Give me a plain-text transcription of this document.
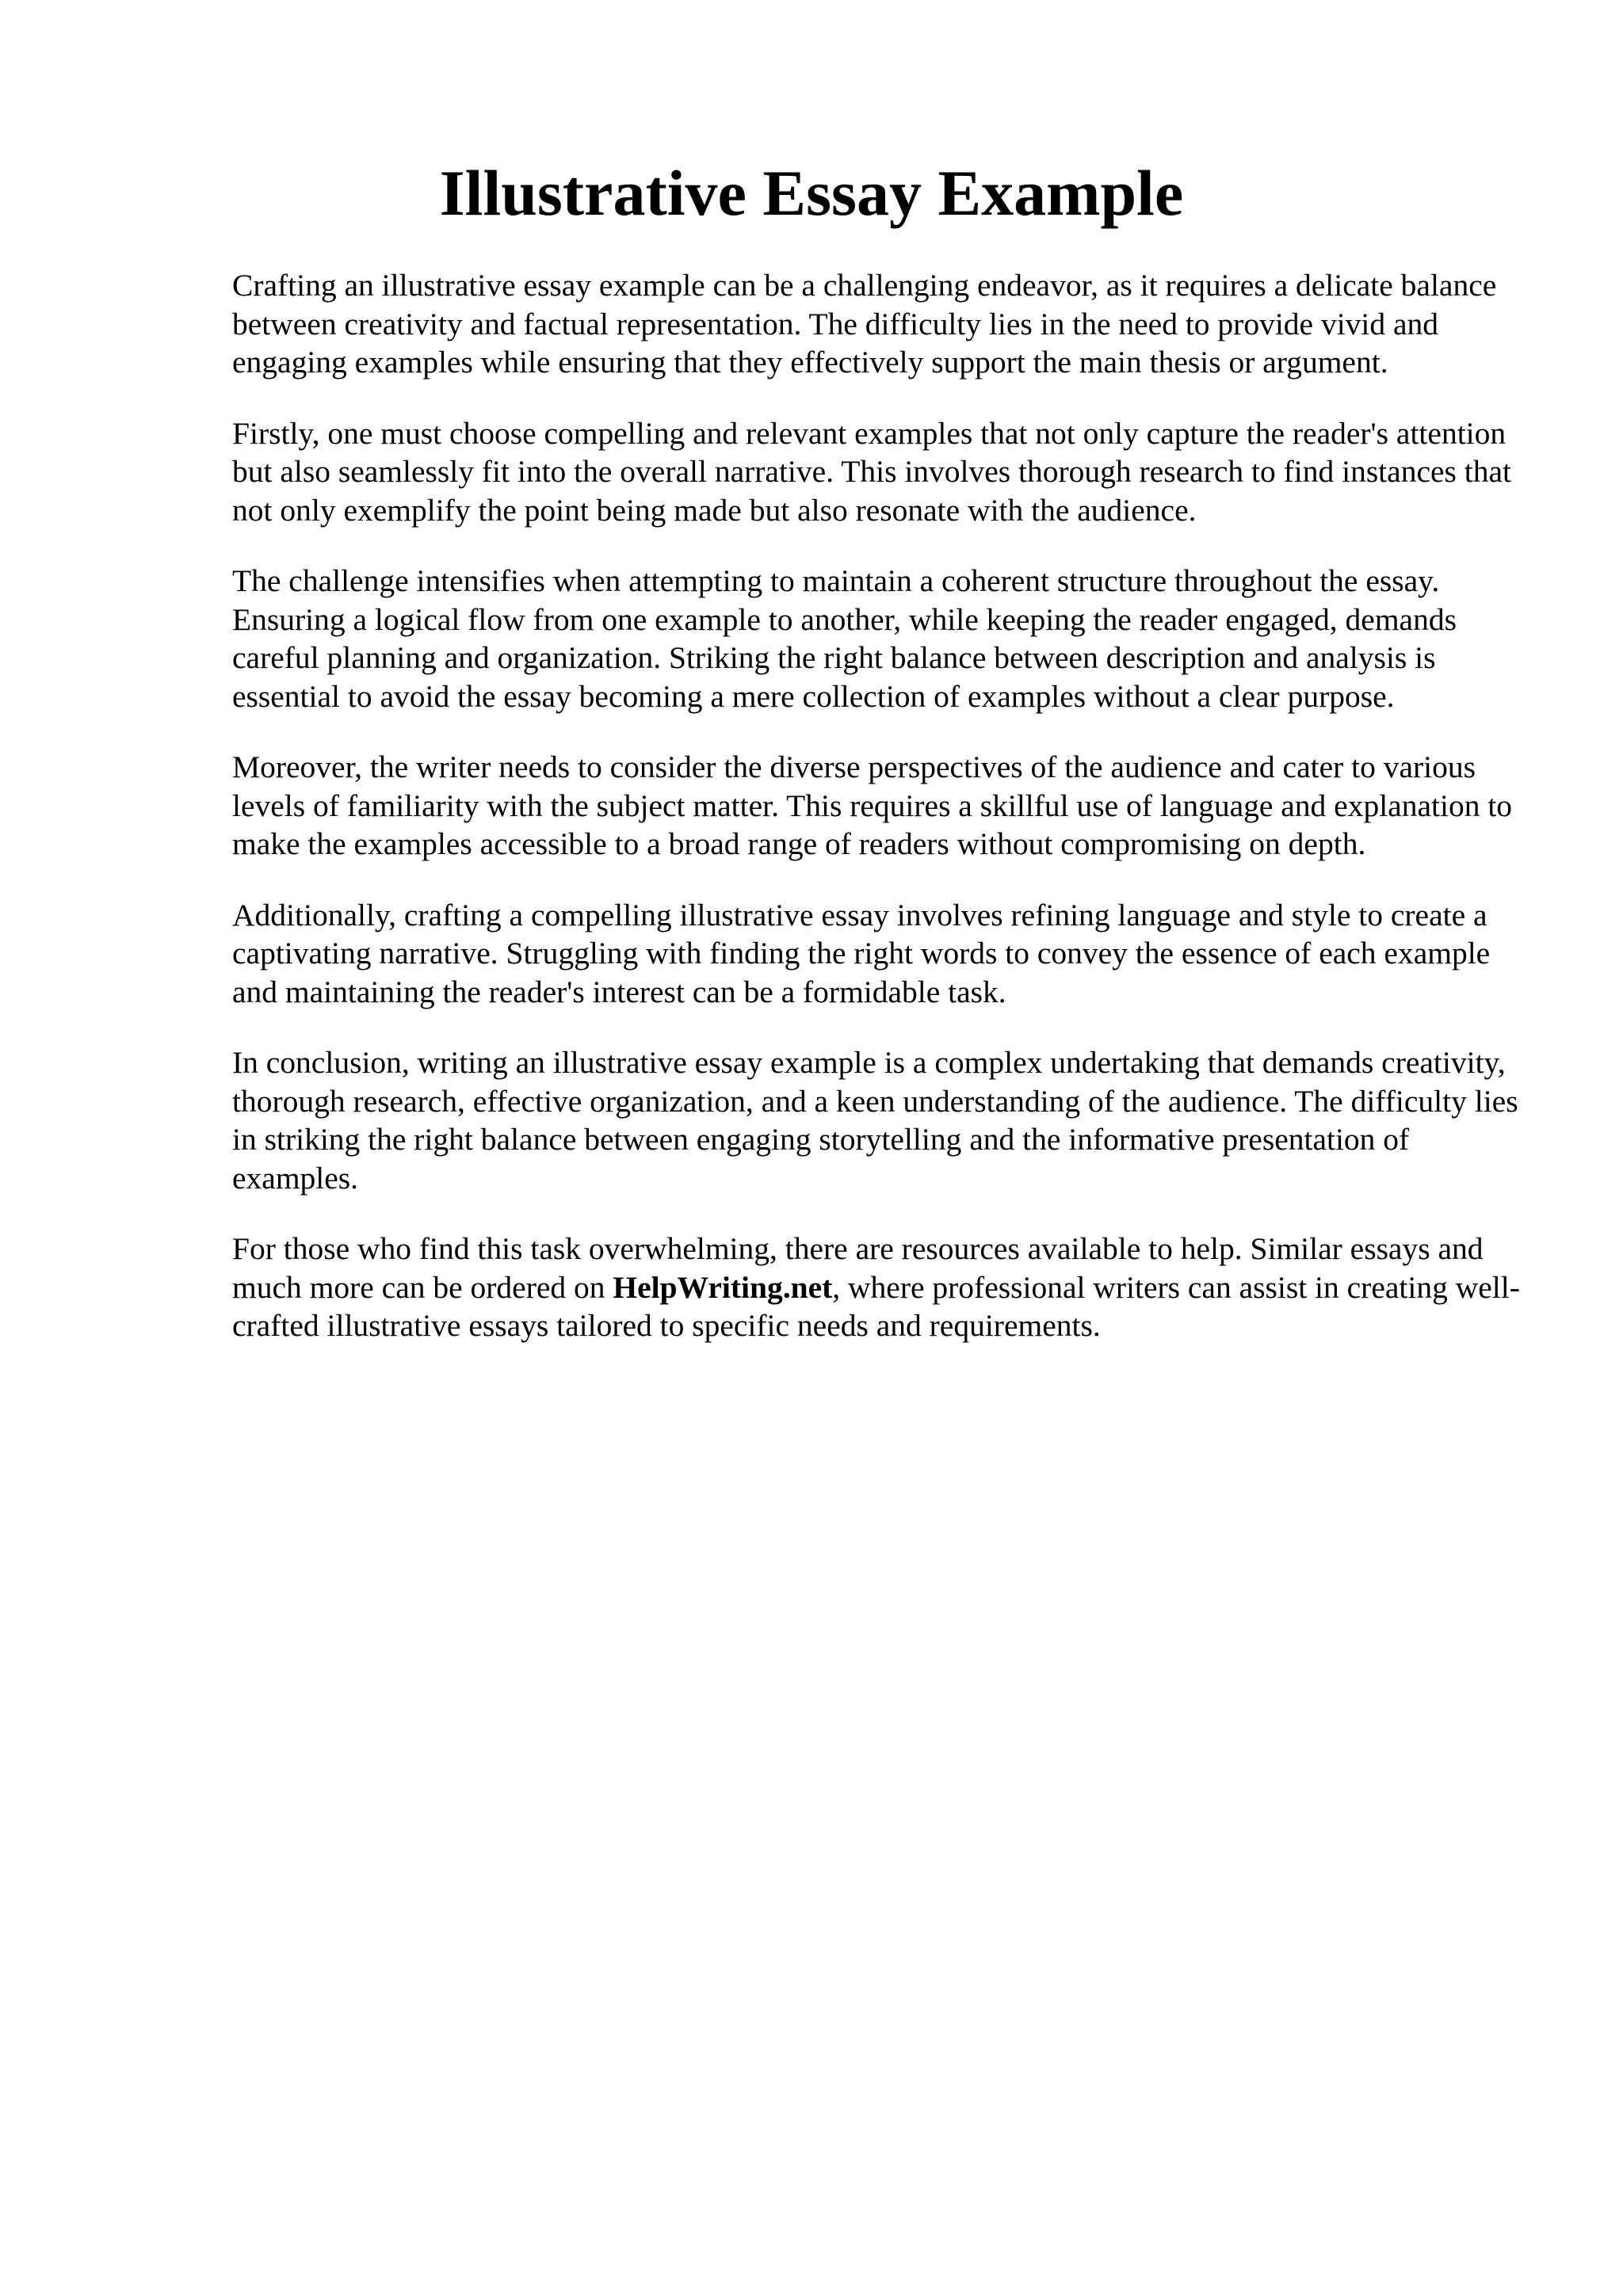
Illustrative Essay Example

Crafting an illustrative essay example can be a challenging endeavor, as it requires a delicate balance between creativity and factual representation. The difficulty lies in the need to provide vivid and engaging examples while ensuring that they effectively support the main thesis or argument.

Firstly, one must choose compelling and relevant examples that not only capture the reader's attention but also seamlessly fit into the overall narrative. This involves thorough research to find instances that not only exemplify the point being made but also resonate with the audience.

The challenge intensifies when attempting to maintain a coherent structure throughout the essay. Ensuring a logical flow from one example to another, while keeping the reader engaged, demands careful planning and organization. Striking the right balance between description and analysis is essential to avoid the essay becoming a mere collection of examples without a clear purpose.

Moreover, the writer needs to consider the diverse perspectives of the audience and cater to various levels of familiarity with the subject matter. This requires a skillful use of language and explanation to make the examples accessible to a broad range of readers without compromising on depth.

Additionally, crafting a compelling illustrative essay involves refining language and style to create a captivating narrative. Struggling with finding the right words to convey the essence of each example and maintaining the reader's interest can be a formidable task.

In conclusion, writing an illustrative essay example is a complex undertaking that demands creativity, thorough research, effective organization, and a keen understanding of the audience. The difficulty lies in striking the right balance between engaging storytelling and the informative presentation of examples.

For those who find this task overwhelming, there are resources available to help. Similar essays and much more can be ordered on HelpWriting.net, where professional writers can assist in creating well-crafted illustrative essays tailored to specific needs and requirements.
